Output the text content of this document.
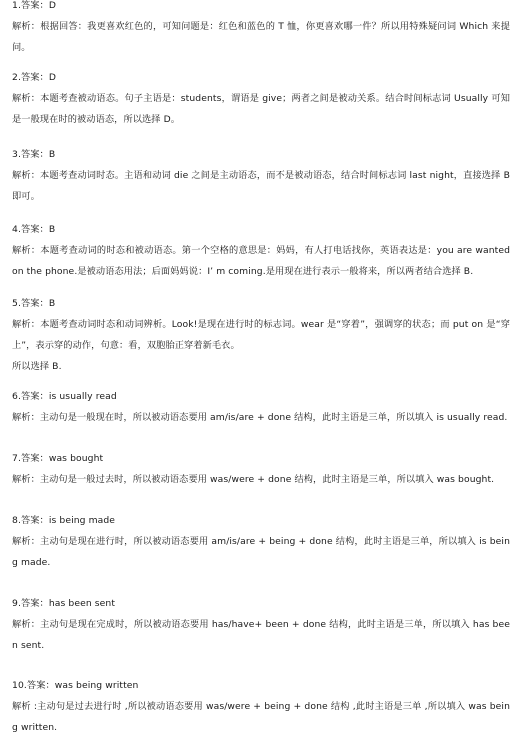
1.答案：D
解析：根据回答：我更喜欢红色的，可知问题是：红色和蓝色的 T 恤，你更喜欢哪一件？所以用特殊疑问词 Which 来提问。
2.答案：D
解析：本题考查被动语态。句子主语是：students，谓语是 give；两者之间是被动关系。结合时间标志词 Usually 可知是一般现在时的被动语态，所以选择 D。
3.答案：B
解析：本题考查动词时态。主语和动词 die 之间是主动语态，而不是被动语态，结合时间标志词 last night，直接选择 B 即可。
4.答案：B
解析：本题考查动词的时态和被动语态。第一个空格的意思是：妈妈，有人打电话找你，英语表达是：you are wanted on the phone.是被动语态用法；后面妈妈说：I’ m coming.是用现在进行表示一般将来，所以两者结合选择 B.
5.答案：B
解析：本题考查动词时态和动词辨析。Look!是现在进行时的标志词。wear 是“穿着”，强调穿的状态；而 put on 是“穿上”，表示穿的动作，句意：看，双胞胎正穿着新毛衣。
所以选择 B.
6.答案：is usually read
解析：主动句是一般现在时，所以被动语态要用 am/is/are + done 结构，此时主语是三单，所以填入 is usually read.
7.答案：was bought
解析：主动句是一般过去时，所以被动语态要用 was/were + done 结构，此时主语是三单，所以填入 was bought.
8.答案：is being made
解析：主动句是现在进行时，所以被动语态要用 am/is/are + being + done 结构，此时主语是三单，所以填入 is being made.
9.答案：has been sent
解析：主动句是现在完成时，所以被动语态要用 has/have+ been + done 结构，此时主语是三单，所以填入 has been sent.
10.答案：was being written
解析 :主动句是过去进行时 ,所以被动语态要用 was/were + being + done 结构 ,此时主语是三单 ,所以填入 was being written.
